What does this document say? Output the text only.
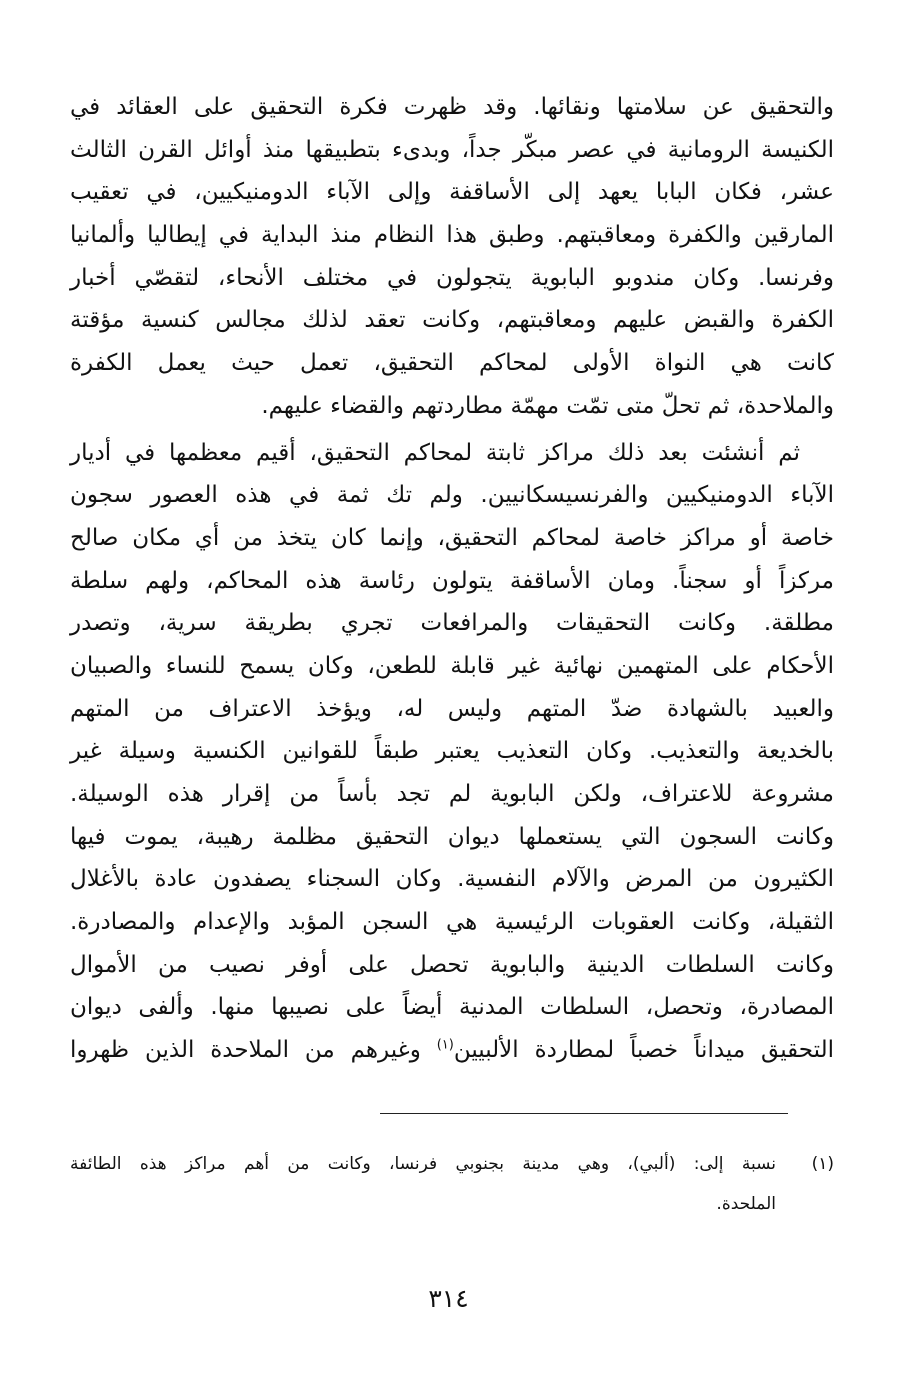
والتحقيق عن سلامتها ونقائها. وقد ظهرت فكرة التحقيق على العقائد في
الكنيسة الرومانية في عصر مبكّر جداً، وبدىء بتطبيقها منذ أوائل القرن الثالث
عشر، فكان البابا يعهد إلى الأساقفة وإلى الآباء الدومنيكيين، في تعقيب
المارقين والكفرة ومعاقبتهم. وطبق هذا النظام منذ البداية في إيطاليا وألمانيا
وفرنسا. وكان مندوبو البابوية يتجولون في مختلف الأنحاء، لتقصّي أخبار
الكفرة والقبض عليهم ومعاقبتهم، وكانت تعقد لذلك مجالس كنسية مؤقتة
كانت هي النواة الأولى لمحاكم التحقيق، تعمل حيث يعمل الكفرة
والملاحدة، ثم تحلّ متى تمّت مهمّة مطاردتهم والقضاء عليهم.
ثم أنشئت بعد ذلك مراكز ثابتة لمحاكم التحقيق، أقيم معظمها في أديار
الآباء الدومنيكيين والفرنسيسكانيين. ولم تك ثمة في هذه العصور سجون
خاصة أو مراكز خاصة لمحاكم التحقيق، وإنما كان يتخذ من أي مكان صالح
مركزاً أو سجناً. ومان الأساقفة يتولون رئاسة هذه المحاكم، ولهم سلطة
مطلقة. وكانت التحقيقات والمرافعات تجري بطريقة سرية، وتصدر
الأحكام على المتهمين نهائية غير قابلة للطعن، وكان يسمح للنساء والصبيان
والعبيد بالشهادة ضدّ المتهم وليس له، ويؤخذ الاعتراف من المتهم
بالخديعة والتعذيب. وكان التعذيب يعتبر طبقاً للقوانين الكنسية وسيلة غير
مشروعة للاعتراف، ولكن البابوية لم تجد بأساً من إقرار هذه الوسيلة.
وكانت السجون التي يستعملها ديوان التحقيق مظلمة رهيبة، يموت فيها
الكثيرون من المرض والآلام النفسية. وكان السجناء يصفدون عادة بالأغلال
الثقيلة، وكانت العقوبات الرئيسية هي السجن المؤبد والإعدام والمصادرة.
وكانت السلطات الدينية والبابوية تحصل على أوفر نصيب من الأموال
المصادرة، وتحصل، السلطات المدنية أيضاً على نصيبها منها. وألفى ديوان
التحقيق ميداناً خصباً لمطاردة الألبيين$^{(١)}$ وغيرهم من الملاحدة الذين ظهروا
(١)نسبة إلى: (ألبي)، وهي مدينة بجنوبي فرنسا، وكانت من أهم مراكز هذه الطائفة
الملحدة.
٣١٤
